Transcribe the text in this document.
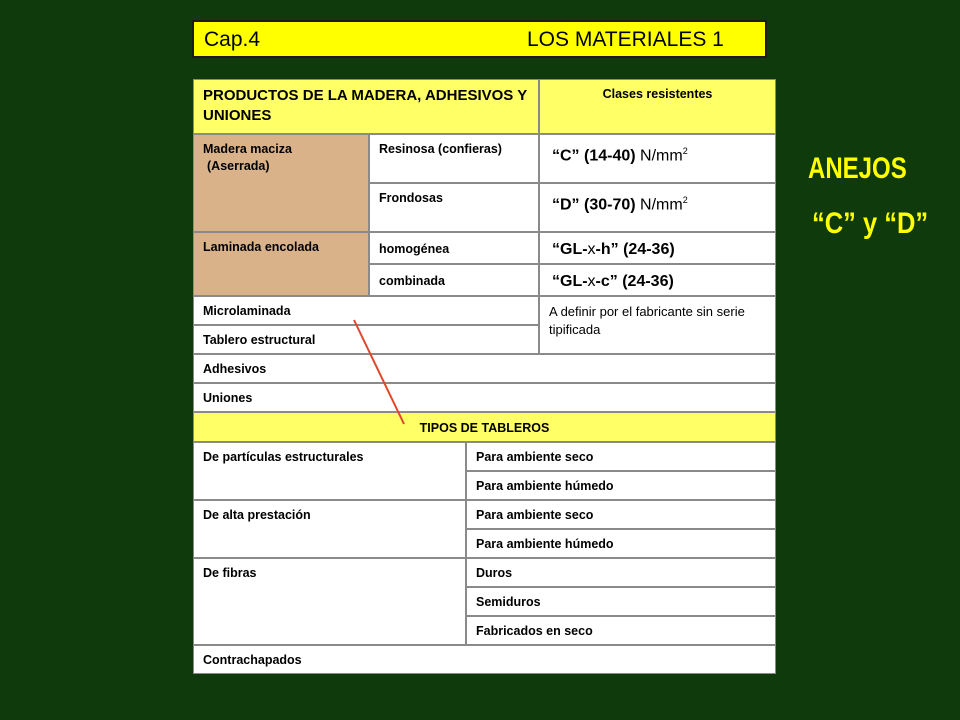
Cap.4	LOS MATERIALES 1
ANEJOS
“C” y “D”
PRODUCTOS DE LA MADERA, ADHESIVOS Y UNIONES
Clases resistentes
Madera maciza
(Aserrada)
Resinosa (confieras)	“C” (14-40) $N/mm^2$
Frondosas	“D” (30-70) $N/mm^2$
Laminada encolada	homogénea	“GL-x-h” (24-36)
combinada	“GL-x-c” (24-36)
Microlaminada	A definir por el fabricante sin serie tipificada
Tablero estructural
Adhesivos
Uniones
TIPOS DE TABLEROS
De partículas estructurales	Para ambiente seco
Para ambiente húmedo
De alta prestación	Para ambiente seco
Para ambiente húmedo
De fibras	Duros
Semiduros
Fabricados en seco
Contrachapados
